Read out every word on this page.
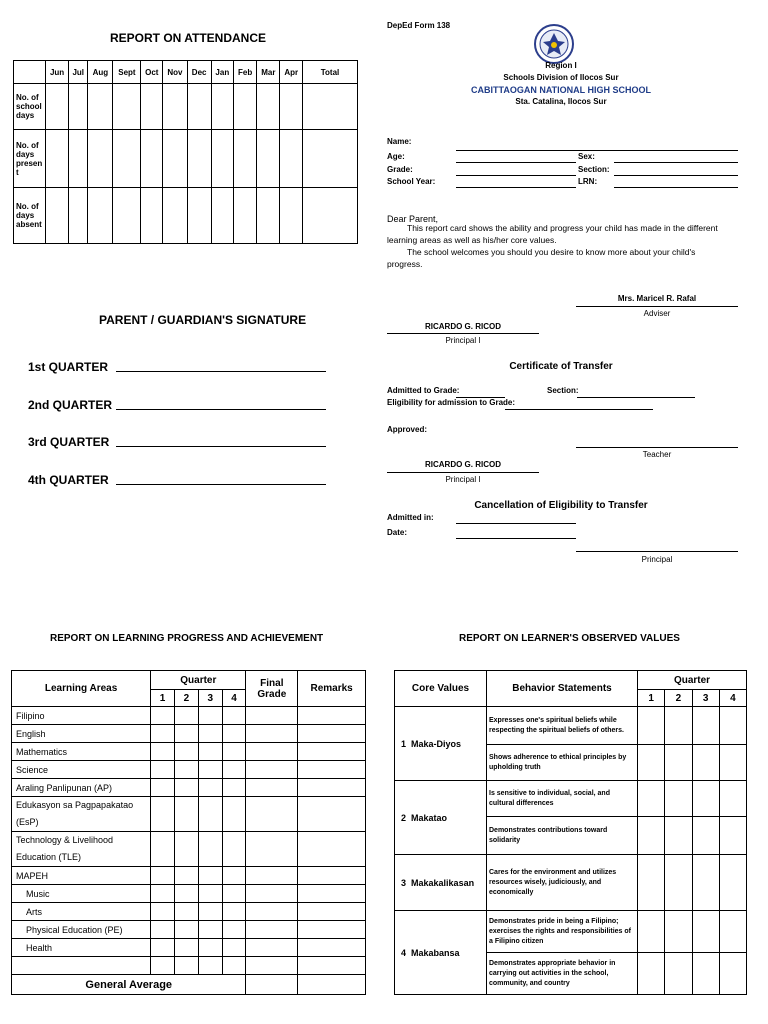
REPORT ON ATTENDANCE
	Jun	Jul	Aug	Sept	Oct	Nov	Dec	Jan	Feb	Mar	Apr	Total

No. of
school
days												

No. of
days
presen
t												

No. of
days
absent												

PARENT / GUARDIAN'S SIGNATURE
1st QUARTER
2nd QUARTER
3rd QUARTER
4th QUARTER
DepEd Form 138
Region I
Schools Division of Ilocos Sur
CABITTAOGAN NATIONAL HIGH SCHOOL
Sta. Catalina, Ilocos Sur
Name:
Age:	Sex:
Grade:	Section:
School Year:	LRN:
Dear Parent,
This report card shows the ability and progress your child has made in the different learning areas as well as his/her core values.
The school welcomes you should you desire to know more about your child's progress.
Mrs. Maricel R. Rafal
Adviser
RICARDO G. RICOD
Principal I
Certificate of Transfer
Admitted to Grade:	Section:
Eligibility for admission to Grade:
Approved:
Teacher
RICARDO G. RICOD
Principal I
Cancellation of Eligibility to Transfer
Admitted in:
Date:
Principal
REPORT ON LEARNING PROGRESS AND ACHIEVEMENT
Learning Areas	Quarter				Final Grade	Remarks
	1	2	3	4		
Filipino						
English						
Mathematics						
Science						
Araling Panlipunan (AP)						
Edukasyon sa Pagpapakatao (EsP)						
Technology & Livelihood Education (TLE)						
MAPEH						
Music						
Arts						
Physical Education (PE)						
Health						

General Average						
REPORT ON LEARNER'S OBSERVED VALUES
Core Values	Behavior Statements	Quarter			
		1	2	3	4
1 Maka-Diyos	Expresses one's spiritual beliefs while respecting the spiritual beliefs of others.				
	Shows adherence to ethical principles by upholding truth				
2 Makatao	Is sensitive to individual, social, and cultural differences				
	Demonstrates contributions toward solidarity				
3 Makakalikasan	Cares for the environment and utilizes resources wisely, judiciously, and economically				
4 Makabansa	Demonstrates pride in being a Filipino; exercises the rights and responsibilities of a Filipino citizen				
	Demonstrates appropriate behavior in carrying out activities in the school, community, and country				
